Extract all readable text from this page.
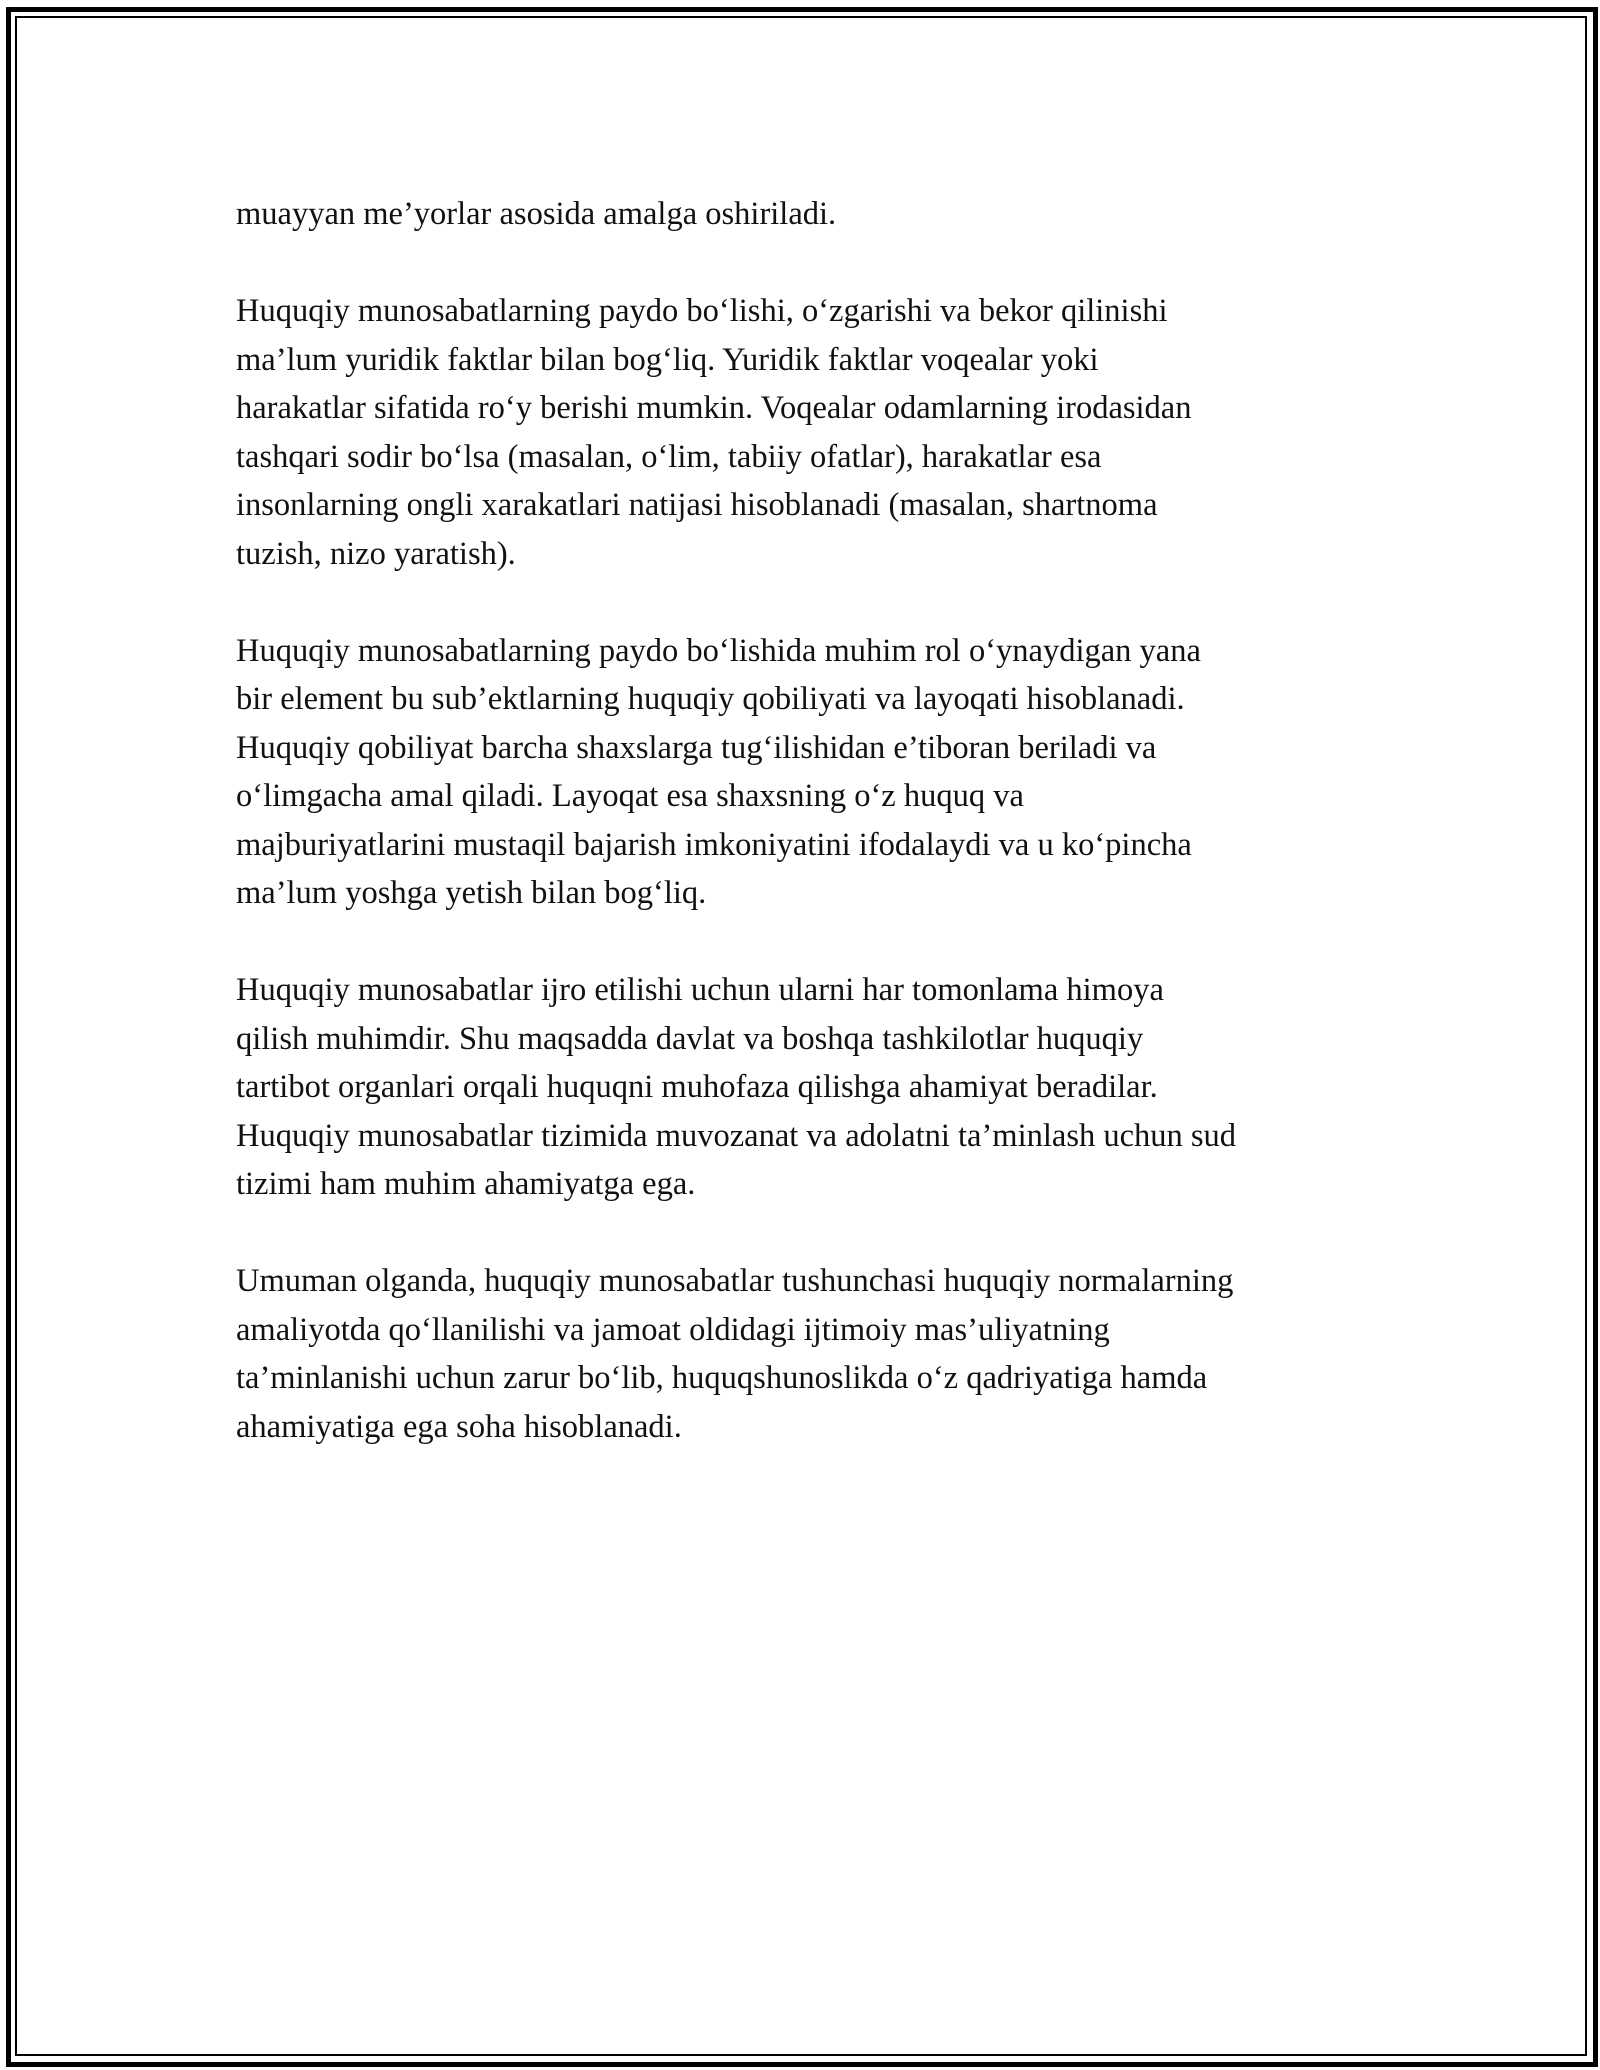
muayyan me’yorlar asosida amalga oshiriladi.

Huquqiy munosabatlarning paydo bo‘lishi, o‘zgarishi va bekor qilinishi
ma’lum yuridik faktlar bilan bog‘liq. Yuridik faktlar voqealar yoki
harakatlar sifatida ro‘y berishi mumkin. Voqealar odamlarning irodasidan
tashqari sodir bo‘lsa (masalan, o‘lim, tabiiy ofatlar), harakatlar esa
insonlarning ongli xarakatlari natijasi hisoblanadi (masalan, shartnoma
tuzish, nizo yaratish).

Huquqiy munosabatlarning paydo bo‘lishida muhim rol o‘ynaydigan yana
bir element bu sub’ektlarning huquqiy qobiliyati va layoqati hisoblanadi.
Huquqiy qobiliyat barcha shaxslarga tug‘ilishidan e’tiboran beriladi va
o‘limgacha amal qiladi. Layoqat esa shaxsning o‘z huquq va
majburiyatlarini mustaqil bajarish imkoniyatini ifodalaydi va u ko‘pincha
ma’lum yoshga yetish bilan bog‘liq.

Huquqiy munosabatlar ijro etilishi uchun ularni har tomonlama himoya
qilish muhimdir. Shu maqsadda davlat va boshqa tashkilotlar huquqiy
tartibot organlari orqali huquqni muhofaza qilishga ahamiyat beradilar.
Huquqiy munosabatlar tizimida muvozanat va adolatni ta’minlash uchun sud
tizimi ham muhim ahamiyatga ega.

Umuman olganda, huquqiy munosabatlar tushunchasi huquqiy normalarning
amaliyotda qo‘llanilishi va jamoat oldidagi ijtimoiy mas’uliyatning
ta’minlanishi uchun zarur bo‘lib, huquqshunoslikda o‘z qadriyatiga hamda
ahamiyatiga ega soha hisoblanadi.
